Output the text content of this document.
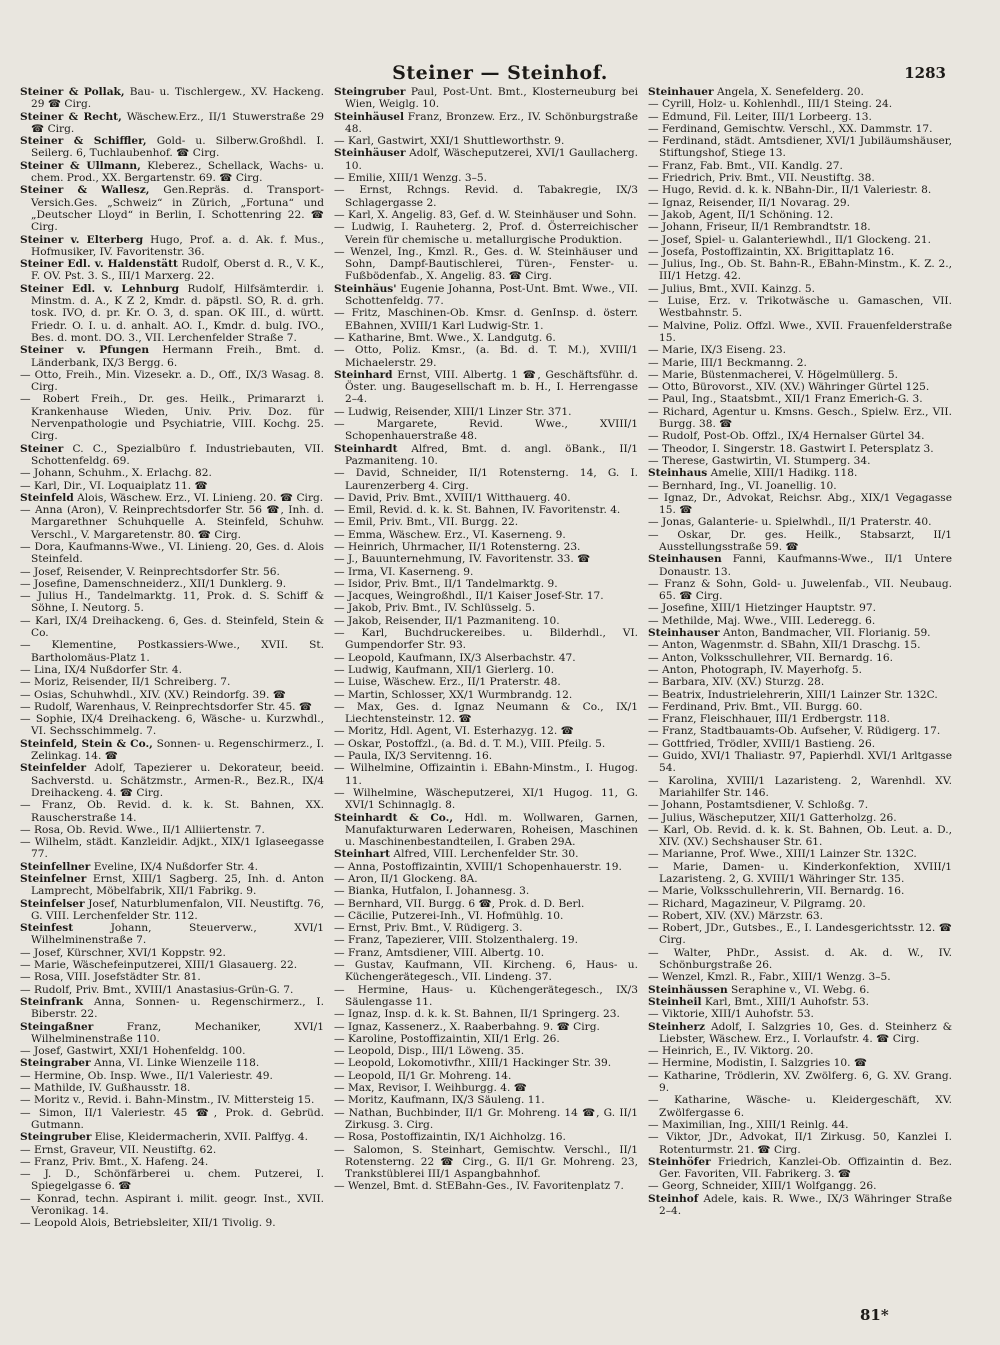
Steiner — Steinhof.	1283

Steiner & Pollak, Bau- u. Tischlergew., XV. Hackeng. 29 ☎ Cirg.

Steiner & Recht, Wäschew.Erz., II/1 Stuwerstraße 29 ☎ Cirg.

Steiner & Schiffler, Gold- u. Silberw.Großhdl. I. Seilerg. 6, Tuchlaubenhof. ☎ Cirg.

Steiner & Ullmann, Kleberez., Schellack, Wachs- u. chem. Prod., XX. Bergartenstr. 69. ☎ Cirg.

Steiner & Wallesz, Gen.Repräs. d. Transport-Versich.Ges. „Schweiz“ in Zürich, „Fortuna“ und „Deutscher Lloyd“ in Berlin, I. Schottenring 22. ☎ Cirg.

Steiner v. Elterberg Hugo, Prof. a. d. Ak. f. Mus., Hofmusiker, IV. Favoritenstr. 36.

Steiner Edl. v. Haldenstätt Rudolf, Oberst d. R., V. K., F. OV. Pst. 3. S., III/1 Marxerg. 22.

Steiner Edl. v. Lehnburg Rudolf, Hilfsämterdir. i. Minstm. d. A., K Z 2, Kmdr. d. päpstl. SO, R. d. grh. tosk. IVO, d. pr. Kr. O. 3, d. span. OK III., d. württ. Friedr. O. I. u. d. anhalt. AO. I., Kmdr. d. bulg. IVO., Bes. d. mont. DO. 3., VII. Lerchenfelder Straße 7.

Steiner v. Pfungen Hermann Freih., Bmt. d. Länderbank, IX/3 Bergg. 6.

— Otto, Freih., Min. Vizesekr. a. D., Off., IX/3 Wasag. 8. Cirg.

— Robert Freih., Dr. ges. Heilk., Primararzt i. Krankenhause Wieden, Univ. Priv. Doz. für Nervenpathologie und Psychiatrie, VIII. Kochg. 25. Cirg.

Steiner C. C., Spezialbüro f. Industriebauten, VII. Schottenfeldg. 69.

— Johann, Schuhm., X. Erlachg. 82.

— Karl, Dir., VI. Loquaiplatz 11. ☎

Steinfeld Alois, Wäschew. Erz., VI. Linieng. 20. ☎ Cirg.

— Anna (Aron), V. Reinprechtsdorfer Str. 56 ☎, Inh. d. Margarethner Schuhquelle A. Steinfeld, Schuhw. Verschl., V. Margaretenstr. 80. ☎ Cirg.

— Dora, Kaufmanns-Wwe., VI. Linieng. 20, Ges. d. Alois Steinfeld.

— Josef, Reisender, V. Reinprechtsdorfer Str. 56.

— Josefine, Damenschneiderz., XII/1 Dunklerg. 9.

— Julius H., Tandelmarktg. 11, Prok. d. S. Schiff & Söhne, I. Neutorg. 5.

— Karl, IX/4 Dreihackeng. 6, Ges. d. Steinfeld, Stein & Co.

— Klementine, Postkassiers-Wwe., XVII. St. Bartholomäus-Platz 1.

— Lina, IX/4 Nußdorfer Str. 4.

— Moriz, Reisender, II/1 Schreiberg. 7.

— Osias, Schuhwhdl., XIV. (XV.) Reindorfg. 39. ☎

— Rudolf, Warenhaus, V. Reinprechtsdorfer Str. 45. ☎

— Sophie, IX/4 Dreihackeng. 6, Wäsche- u. Kurzwhdl., VI. Sechsschimmelg. 7.

Steinfeld, Stein & Co., Sonnen- u. Regenschirmerz., I. Zelinkag. 14. ☎

Steinfelder Adolf, Tapezierer u. Dekorateur, beeid. Sachverstd. u. Schätzmstr., Armen-R., Bez.R., IX/4 Dreihackeng. 4. ☎ Cirg.

— Franz, Ob. Revid. d. k. k. St. Bahnen, XX. Rauscherstraße 14.

— Rosa, Ob. Revid. Wwe., II/1 Alliiertenstr. 7.

— Wilhelm, städt. Kanzleidir. Adjkt., XIX/1 Iglaseegasse 77.

Steinfellner Eveline, IX/4 Nußdorfer Str. 4.

Steinfelner Ernst, XIII/1 Sagberg. 25, Inh. d. Anton Lamprecht, Möbelfabrik, XII/1 Fabrikg. 9.

Steinfelser Josef, Naturblumenfalon, VII. Neustiftg. 76, G. VIII. Lerchenfelder Str. 112.

Steinfest Johann, Steuerverw., XVI/1 Wilhelminenstraße 7.

— Josef, Kürschner, XVI/1 Koppstr. 92.

— Marie, Wäschefeinputzerei, XIII/1 Glasauerg. 22.

— Rosa, VIII. Josefstädter Str. 81.

— Rudolf, Priv. Bmt., XVIII/1 Anastasius-Grün-G. 7.

Steinfrank Anna, Sonnen- u. Regenschirmerz., I. Biberstr. 22.

Steingaßner Franz, Mechaniker, XVI/1 Wilhelminenstraße 110.

— Josef, Gastwirt, XXI/1 Hohenfeldg. 100.

Steingraber Anna, VI. Linke Wienzeile 118.

— Hermine, Ob. Insp. Wwe., II/1 Valeriestr. 49.

— Mathilde, IV. Gußhausstr. 18.

— Moritz v., Revid. i. Bahn-Minstm., IV. Mittersteig 15.

— Simon, II/1 Valeriestr. 45 ☎, Prok. d. Gebrüd. Gutmann.

Steingruber Elise, Kleidermacherin, XVII. Palffyg. 4.

— Ernst, Graveur, VII. Neustiftg. 62.

— Franz, Priv. Bmt., X. Hafeng. 24.

— J. D., Schönfärberei u. chem. Putzerei, I. Spiegelgasse 6. ☎

— Konrad, techn. Aspirant i. milit. geogr. Inst., XVII. Veronikag. 14.

— Leopold Alois, Betriebsleiter, XII/1 Tivolig. 9.

Steingruber Paul, Post-Unt. Bmt., Klosterneuburg bei Wien, Weiglg. 10.

Steinhäusel Franz, Bronzew. Erz., IV. Schönburgstraße 48.

— Karl, Gastwirt, XXI/1 Shuttleworthstr. 9.

Steinhäuser Adolf, Wäscheputzerei, XVI/1 Gaullacherg. 10.

— Emilie, XIII/1 Wenzg. 3–5.

— Ernst, Rchngs. Revid. d. Tabakregie, IX/3 Schlagergasse 2.

— Karl, X. Angelig. 83, Gef. d. W. Steinhäuser und Sohn.

— Ludwig, I. Rauheterg. 2, Prof. d. Österreichischer Verein für chemische u. metallurgische Produktion.

— Wenzel, Ing., Kmzl. R., Ges. d. W. Steinhäuser und Sohn, Dampf-Bautischlerei, Türen-, Fenster- u. Fußbödenfab., X. Angelig. 83. ☎ Cirg.

Steinhäus' Eugenie Johanna, Post-Unt. Bmt. Wwe., VII. Schottenfeldg. 77.

— Fritz, Maschinen-Ob. Kmsr. d. GenInsp. d. österr. EBahnen, XVIII/1 Karl Ludwig-Str. 1.

— Katharine, Bmt. Wwe., X. Landgutg. 6.

— Otto, Poliz. Kmsr., (a. Bd. d. T. M.), XVIII/1 Michaelerstr. 29.

Steinhard Ernst, VIII. Albertg. 1 ☎, Geschäftsführ. d. Öster. ung. Baugesellschaft m. b. H., I. Herrengasse 2–4.

— Ludwig, Reisender, XIII/1 Linzer Str. 371.

— Margarete, Revid. Wwe., XVIII/1 Schopenhauerstraße 48.

Steinhardt Alfred, Bmt. d. angl. öBank., II/1 Pazmaniteng. 10.

— David, Schneider, II/1 Rotensterng. 14, G. I. Laurenzerberg 4. Cirg.

— David, Priv. Bmt., XVIII/1 Witthauerg. 40.

— Emil, Revid. d. k. k. St. Bahnen, IV. Favoritenstr. 4.

— Emil, Priv. Bmt., VII. Burgg. 22.

— Emma, Wäschew. Erz., VI. Kaserneng. 9.

— Heinrich, Uhrmacher, II/1 Rotensterng. 23.

— J., Bauunternehmung, IV. Favoritenstr. 33. ☎

— Irma, VI. Kaserneng. 9.

— Isidor, Priv. Bmt., II/1 Tandelmarktg. 9.

— Jacques, Weingroßhdl., II/1 Kaiser Josef-Str. 17.

— Jakob, Priv. Bmt., IV. Schlüsselg. 5.

— Jakob, Reisender, II/1 Pazmaniteng. 10.

— Karl, Buchdruckereibes. u. Bilderhdl., VI. Gumpendorfer Str. 93.

— Leopold, Kaufmann, IX/3 Alserbachstr. 47.

— Ludwig, Kaufmann, XII/1 Gierlerg. 10.

— Luise, Wäschew. Erz., II/1 Praterstr. 48.

— Martin, Schlosser, XX/1 Wurmbrandg. 12.

— Max, Ges. d. Ignaz Neumann & Co., IX/1 Liechtensteinstr. 12. ☎

— Moritz, Hdl. Agent, VI. Esterhazyg. 12. ☎

— Oskar, Postoffzl., (a. Bd. d. T. M.), VIII. Pfeilg. 5.

— Paula, IX/3 Servitenng. 16.

— Wilhelmine, Offizaintin i. EBahn-Minstm., I. Hugog. 11.

— Wilhelmine, Wäscheputzerei, XI/1 Hugog. 11, G. XVI/1 Schinnaglg. 8.

Steinhardt & Co., Hdl. m. Wollwaren, Garnen, Manufakturwaren Lederwaren, Roheisen, Maschinen u. Maschinenbestandteilen, I. Graben 29A.

Steinhart Alfred, VIII. Lerchenfelder Str. 30.

— Anna, Postoffizaintin, XVIII/1 Schopenhauerstr. 19.

— Aron, II/1 Glockeng. 8A.

— Bianka, Hutfalon, I. Johannesg. 3.

— Bernhard, VII. Burgg. 6 ☎, Prok. d. D. Berl.

— Cäcilie, Putzerei-Inh., VI. Hofmühlg. 10.

— Ernst, Priv. Bmt., V. Rüdigerg. 3.

— Franz, Tapezierer, VIII. Stolzenthalerg. 19.

— Franz, Amtsdiener, VIII. Albertg. 10.

— Gustav, Kaufmann, VII. Kircheng. 6, Haus- u. Küchengerätegesch., VII. Lindeng. 37.

— Hermine, Haus- u. Küchengerätegesch., IX/3 Säulengasse 11.

— Ignaz, Insp. d. k. k. St. Bahnen, II/1 Springerg. 23.

— Ignaz, Kassenerz., X. Raaberbahng. 9. ☎ Cirg.

— Karoline, Postoffizaintin, XII/1 Erlg. 26.

— Leopold, Disp., III/1 Löweng. 35.

— Leopold, Lokomotivfhr., XIII/1 Hackinger Str. 39.

— Leopold, II/1 Gr. Mohreng. 14.

— Max, Revisor, I. Weihburgg. 4. ☎

— Moritz, Kaufmann, IX/3 Säuleng. 11.

— Nathan, Buchbinder, II/1 Gr. Mohreng. 14 ☎, G. II/1 Zirkusg. 3. Cirg.

— Rosa, Postoffizaintin, IX/1 Aichholzg. 16.

— Salomon, S. Steinhart, Gemischtw. Verschl., II/1 Rotensterng. 22 ☎ Cirg., G. II/1 Gr. Mohreng. 23, Trankstüblerei III/1 Aspangbahnhof.

— Wenzel, Bmt. d. StEBahn-Ges., IV. Favoritenplatz 7.

Steinhauer Angela, X. Senefelderg. 20.

— Cyrill, Holz- u. Kohlenhdl., III/1 Steing. 24.

— Edmund, Fil. Leiter, III/1 Lorbeerg. 13.

— Ferdinand, Gemischtw. Verschl., XX. Dammstr. 17.

— Ferdinand, städt. Amtsdiener, XVI/1 Jubiläumshäuser, Stiftungshof, Stiege 13.

— Franz, Fab. Bmt., VII. Kandlg. 27.

— Friedrich, Priv. Bmt., VII. Neustiftg. 38.

— Hugo, Revid. d. k. k. NBahn-Dir., II/1 Valeriestr. 8.

— Ignaz, Reisender, II/1 Novarag. 29.

— Jakob, Agent, II/1 Schöning. 12.

— Johann, Friseur, II/1 Rembrandtstr. 18.

— Josef, Spiel- u. Galanteriewhdl., II/1 Glockeng. 21.

— Josefa, Postoffizaintin, XX. Brigittaplatz 16.

— Julius, Ing., Ob. St. Bahn-R., EBahn-Minstm., K. Z. 2., III/1 Hetzg. 42.

— Julius, Bmt., XVII. Kainzg. 5.

— Luise, Erz. v. Trikotwäsche u. Gamaschen, VII. Westbahnstr. 5.

— Malvine, Poliz. Offzl. Wwe., XVII. Frauenfelderstraße 15.

— Marie, IX/3 Eiseng. 23.

— Marie, III/1 Beckmanng. 2.

— Marie, Büstenmacherei, V. Högelmüllerg. 5.

— Otto, Bürovorst., XIV. (XV.) Währinger Gürtel 125.

— Paul, Ing., Staatsbmt., XII/1 Franz Emerich-G. 3.

— Richard, Agentur u. Kmsns. Gesch., Spielw. Erz., VII. Burgg. 38. ☎

— Rudolf, Post-Ob. Offzl., IX/4 Hernalser Gürtel 34.

— Theodor, I. Singerstr. 18. Gastwirt I. Petersplatz 3.

— Therese, Gastwirtin, VI. Stumperg. 34.

Steinhaus Amelie, XIII/1 Hadikg. 118.

— Bernhard, Ing., VI. Joanellig. 10.

— Ignaz, Dr., Advokat, Reichsr. Abg., XIX/1 Vegagasse 15. ☎

— Jonas, Galanterie- u. Spielwhdl., II/1 Praterstr. 40.

— Oskar, Dr. ges. Heilk., Stabsarzt, II/1 Ausstellungsstraße 59. ☎

Steinhausen Fanni, Kaufmanns-Wwe., II/1 Untere Donaustr. 13.

— Franz & Sohn, Gold- u. Juwelenfab., VII. Neubaug. 65. ☎ Cirg.

— Josefine, XIII/1 Hietzinger Hauptstr. 97.

— Methilde, Maj. Wwe., VIII. Lederegg. 6.

Steinhauser Anton, Bandmacher, VII. Florianig. 59.

— Anton, Wagenmstr. d. SBahn, XII/1 Draschg. 15.

— Anton, Volksschullehrer, VII. Bernardg. 16.

— Anton, Photograph, IV. Mayerhofg. 5.

— Barbara, XIV. (XV.) Sturzg. 28.

— Beatrix, Industrielehrerin, XIII/1 Lainzer Str. 132C.

— Ferdinand, Priv. Bmt., VII. Burgg. 60.

— Franz, Fleischhauer, III/1 Erdbergstr. 118.

— Franz, Stadtbauamts-Ob. Aufseher, V. Rüdigerg. 17.

— Gottfried, Trödler, XVIII/1 Bastieng. 26.

— Guido, XVI/1 Thaliastr. 97, Papierhdl. XVI/1 Arltgasse 54.

— Karolina, XVIII/1 Lazaristeng. 2, Warenhdl. XV. Mariahilfer Str. 146.

— Johann, Postamtsdiener, V. Schloßg. 7.

— Julius, Wäscheputzer, XII/1 Gatterholzg. 26.

— Karl, Ob. Revid. d. k. k. St. Bahnen, Ob. Leut. a. D., XIV. (XV.) Sechshauser Str. 61.

— Marianne, Prof. Wwe., XIII/1 Lainzer Str. 132C.

— Marie, Damen- u. Kinderkonfektion, XVIII/1 Lazaristeng. 2, G. XVIII/1 Währinger Str. 135.

— Marie, Volksschullehrerin, VII. Bernardg. 16.

— Richard, Magazineur, V. Pilgramg. 20.

— Robert, XIV. (XV.) Märzstr. 63.

— Robert, JDr., Gutsbes., E., I. Landesgerichtsstr. 12. ☎ Cirg.

— Walter, PhDr., Assist. d. Ak. d. W., IV. Schönburgstraße 26.

— Wenzel, Kmzl. R., Fabr., XIII/1 Wenzg. 3–5.

Steinhäussen Seraphine v., VI. Webg. 6.

Steinheil Karl, Bmt., XIII/1 Auhofstr. 53.

— Viktorie, XIII/1 Auhofstr. 53.

Steinherz Adolf, I. Salzgries 10, Ges. d. Steinherz & Liebster, Wäschew. Erz., I. Vorlaufstr. 4. ☎ Cirg.

— Heinrich, E., IV. Viktorg. 20.

— Hermine, Modistin, I. Salzgries 10. ☎

— Katharine, Trödlerin, XV. Zwölferg. 6, G. XV. Grang. 9.

— Katharine, Wäsche- u. Kleidergeschäft, XV. Zwölfergasse 6.

— Maximilian, Ing., XIII/1 Reinlg. 44.

— Viktor, JDr., Advokat, II/1 Zirkusg. 50, Kanzlei I. Rotenturmstr. 21. ☎ Cirg.

Steinhöfer Friedrich, Kanzlei-Ob. Offizaintin d. Bez. Ger. Favoriten, VII. Fabrikerg. 3. ☎

— Georg, Schneider, XIII/1 Wolfgangg. 26.

Steinhof Adele, kais. R. Wwe., IX/3 Währinger Straße 2–4.

81*
